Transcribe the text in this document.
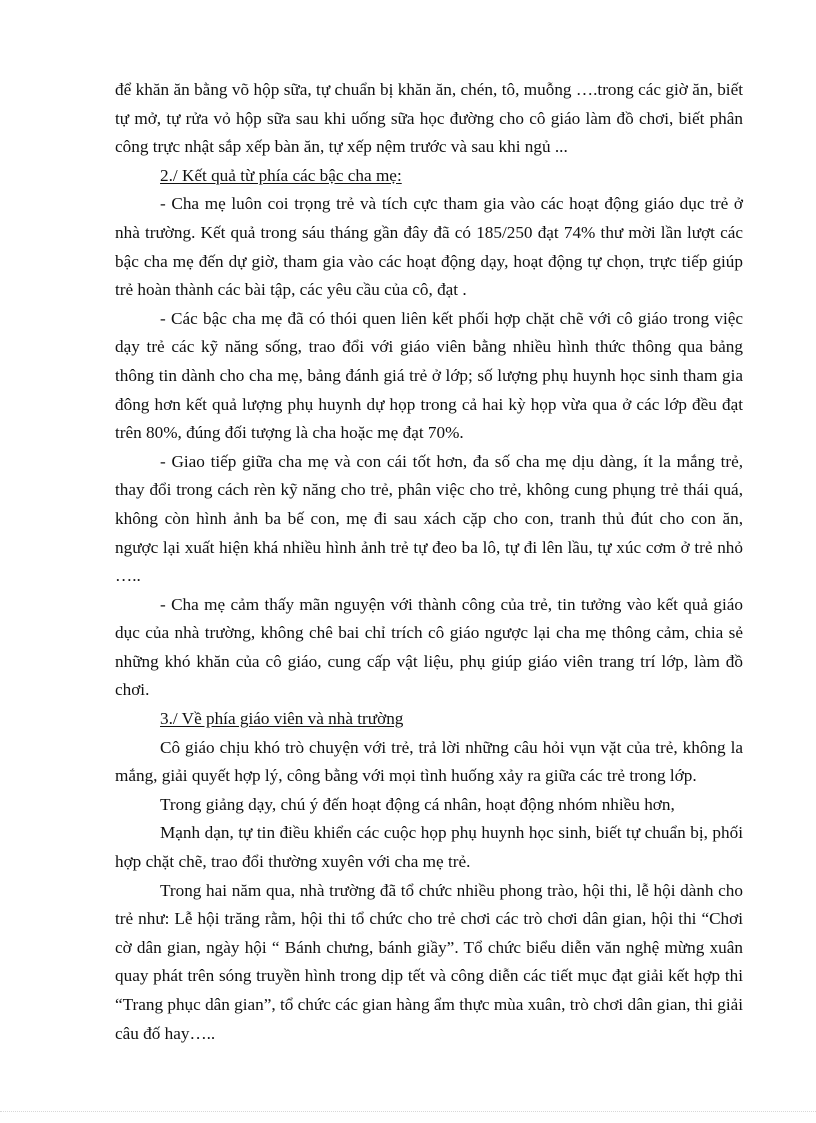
để khăn ăn bằng võ hộp sữa, tự chuẩn bị khăn ăn, chén, tô, muỗng ….trong các giờ ăn, biết tự mở, tự rửa vỏ hộp sữa sau khi uống sữa học đường cho cô giáo làm đồ chơi, biết phân công trực nhật sắp xếp bàn ăn, tự xếp nệm trước và sau khi ngủ ...

2./ Kết quả từ phía các bậc cha mẹ:

- Cha mẹ luôn coi trọng trẻ và tích cực tham gia vào các hoạt động giáo dục trẻ ở nhà trường. Kết quả trong sáu tháng gần đây đã có 185/250 đạt 74% thư mời lần lượt các bậc cha mẹ đến dự giờ, tham gia vào các hoạt động dạy, hoạt động tự chọn, trực tiếp giúp trẻ hoàn thành các bài tập, các yêu cầu của cô, đạt .

- Các bậc cha mẹ đã có thói quen liên kết phối hợp chặt chẽ với cô giáo trong việc dạy trẻ các kỹ năng sống, trao đổi với giáo viên bằng nhiều hình thức thông qua bảng thông tin dành cho cha mẹ, bảng đánh giá trẻ ở lớp; số lượng phụ huynh học sinh tham gia đông hơn kết quả lượng phụ huynh dự họp trong cả hai kỳ họp vừa qua ở các lớp đều đạt trên 80%, đúng đối tượng là cha hoặc mẹ đạt 70%.

- Giao tiếp giữa cha mẹ và con cái tốt hơn, đa số cha mẹ dịu dàng, ít la mắng trẻ, thay đổi trong cách rèn kỹ năng cho trẻ, phân việc cho trẻ, không cung phụng trẻ thái quá, không còn hình ảnh ba bế con, mẹ đi sau xách cặp cho con, tranh thủ đút cho con ăn, ngược lại xuất hiện khá nhiều hình ảnh trẻ tự đeo ba lô, tự đi lên lầu, tự xúc cơm ở trẻ nhỏ …..

- Cha mẹ cảm thấy mãn nguyện với thành công của trẻ, tin tưởng vào kết quả giáo dục của nhà trường, không chê bai chỉ trích cô giáo ngược lại cha mẹ thông cảm, chia sẻ những khó khăn của cô giáo, cung cấp vật liệu, phụ giúp giáo viên trang trí lớp, làm đồ chơi.

3./ Về phía giáo viên và nhà trường

Cô giáo chịu khó trò chuyện với trẻ, trả lời những câu hỏi vụn vặt của trẻ, không la mắng, giải quyết hợp lý, công bằng với mọi tình huống xảy ra giữa các trẻ trong lớp.

Trong giảng dạy, chú ý đến hoạt động cá nhân, hoạt động nhóm nhiều hơn,

Mạnh dạn, tự tin điều khiển các cuộc họp phụ huynh học sinh, biết tự chuẩn bị, phối hợp chặt chẽ, trao đổi thường xuyên với cha mẹ trẻ.

Trong hai năm qua, nhà trường đã tổ chức nhiều phong trào, hội thi, lễ hội dành cho trẻ như: Lễ hội trăng rằm, hội thi tổ chức cho trẻ chơi các trò chơi dân gian, hội thi “Chơi cờ dân gian, ngày hội “ Bánh chưng, bánh giầy”. Tổ chức biểu diễn văn nghệ mừng xuân quay phát trên sóng truyền hình trong dịp tết và công diễn các tiết mục đạt giải kết hợp thi “Trang phục dân gian”, tổ chức các gian hàng ẩm thực mùa xuân, trò chơi dân gian, thi giải câu đố hay…..
